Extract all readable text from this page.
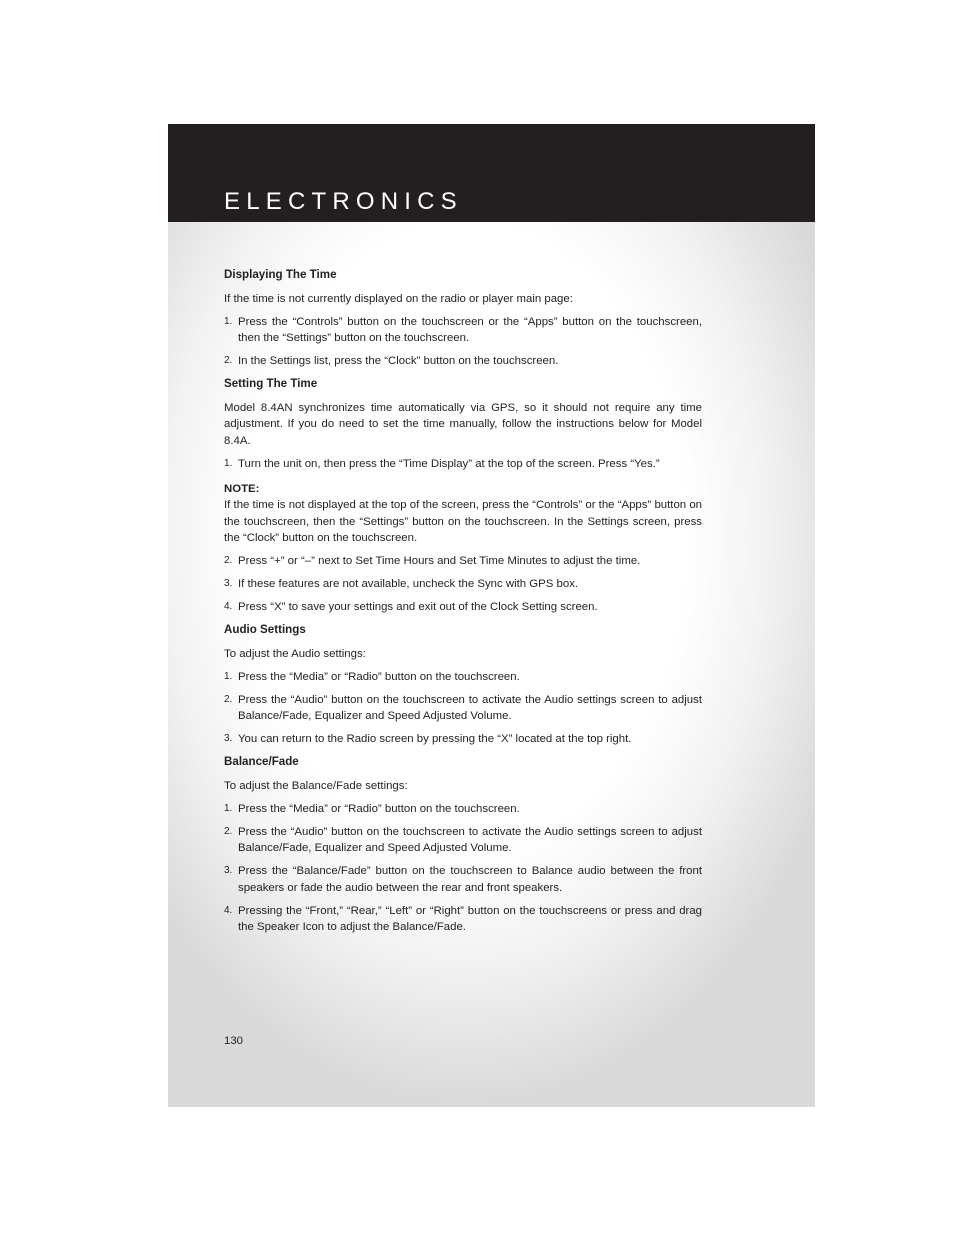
ELECTRONICS
Displaying The Time

If the time is not currently displayed on the radio or player main page:

1. Press the “Controls” button on the touchscreen or the “Apps” button on the touchscreen, then the “Settings” button on the touchscreen.
2. In the Settings list, press the “Clock” button on the touchscreen.
Setting The Time

Model 8.4AN synchronizes time automatically via GPS, so it should not require any time adjustment. If you do need to set the time manually, follow the instructions below for Model 8.4A.

1. Turn the unit on, then press the “Time Display” at the top of the screen. Press “Yes.”
NOTE:

If the time is not displayed at the top of the screen, press the “Controls” or the “Apps” button on the touchscreen, then the “Settings” button on the touchscreen. In the Settings screen, press the “Clock” button on the touchscreen.

2. Press “+” or “–” next to Set Time Hours and Set Time Minutes to adjust the time.
3. If these features are not available, uncheck the Sync with GPS box.
4. Press “X” to save your settings and exit out of the Clock Setting screen.
Audio Settings

To adjust the Audio settings:

1. Press the “Media” or “Radio” button on the touchscreen.
2. Press the “Audio” button on the touchscreen to activate the Audio settings screen to adjust Balance/Fade, Equalizer and Speed Adjusted Volume.
3. You can return to the Radio screen by pressing the “X” located at the top right.
Balance/Fade

To adjust the Balance/Fade settings:

1. Press the “Media” or “Radio” button on the touchscreen.
2. Press the “Audio” button on the touchscreen to activate the Audio settings screen to adjust Balance/Fade, Equalizer and Speed Adjusted Volume.
3. Press the “Balance/Fade” button on the touchscreen to Balance audio between the front speakers or fade the audio between the rear and front speakers.
4. Pressing the “Front,” “Rear,” “Left” or “Right” button on the touchscreens or press and drag the Speaker Icon to adjust the Balance/Fade.
130
